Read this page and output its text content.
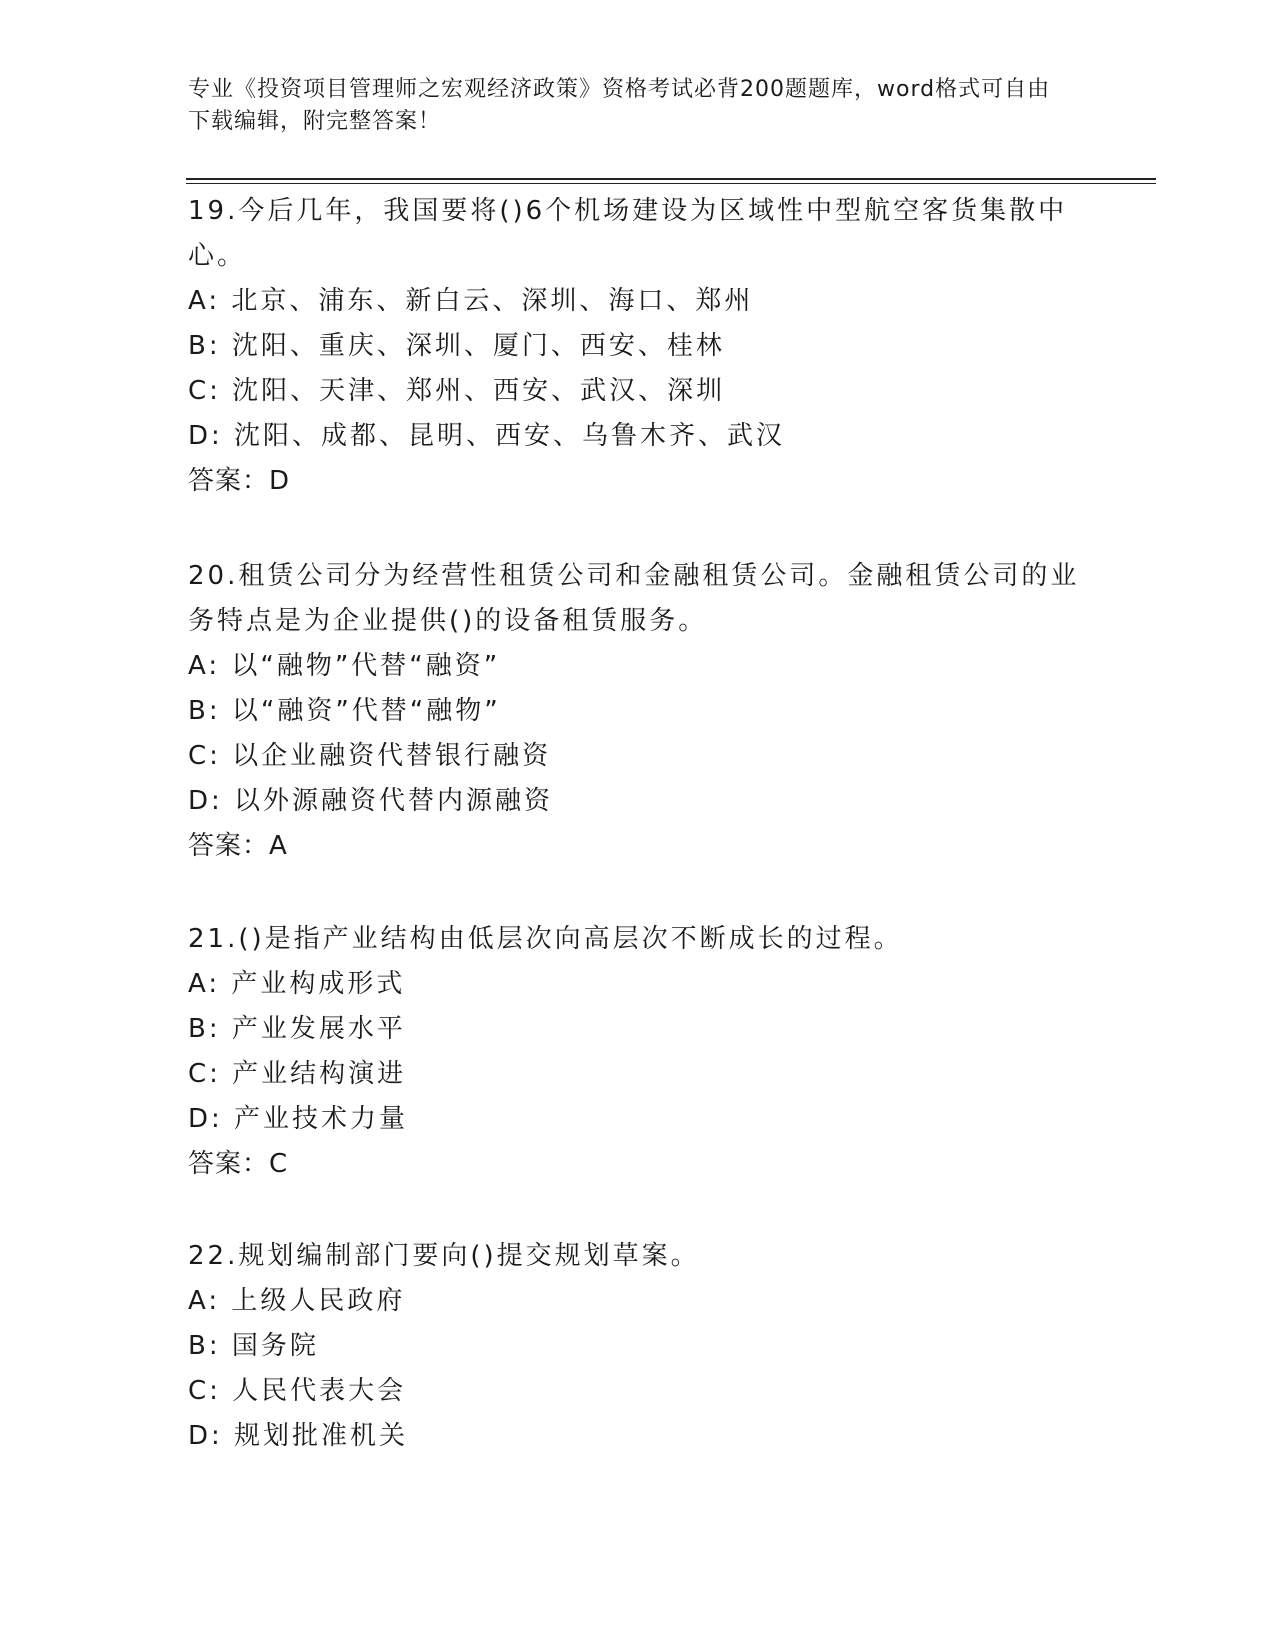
专业《投资项目管理师之宏观经济政策》资格考试必背200题题库，word格式可自由下载编辑，附完整答案！

19.今后几年，我国要将()6个机场建设为区域性中型航空客货集散中心。

A: 北京、浦东、新白云、深圳、海口、郑州

B: 沈阳、重庆、深圳、厦门、西安、桂林

C: 沈阳、天津、郑州、西安、武汉、深圳

D: 沈阳、成都、昆明、西安、乌鲁木齐、武汉

答案：D

20.租赁公司分为经营性租赁公司和金融租赁公司。金融租赁公司的业务特点是为企业提供()的设备租赁服务。

A: 以“融物”代替“融资”

B: 以“融资”代替“融物”

C: 以企业融资代替银行融资

D: 以外源融资代替内源融资

答案：A

21.()是指产业结构由低层次向高层次不断成长的过程。

A: 产业构成形式

B: 产业发展水平

C: 产业结构演进

D: 产业技术力量

答案：C

22.规划编制部门要向()提交规划草案。

A: 上级人民政府

B: 国务院

C: 人民代表大会

D: 规划批准机关
